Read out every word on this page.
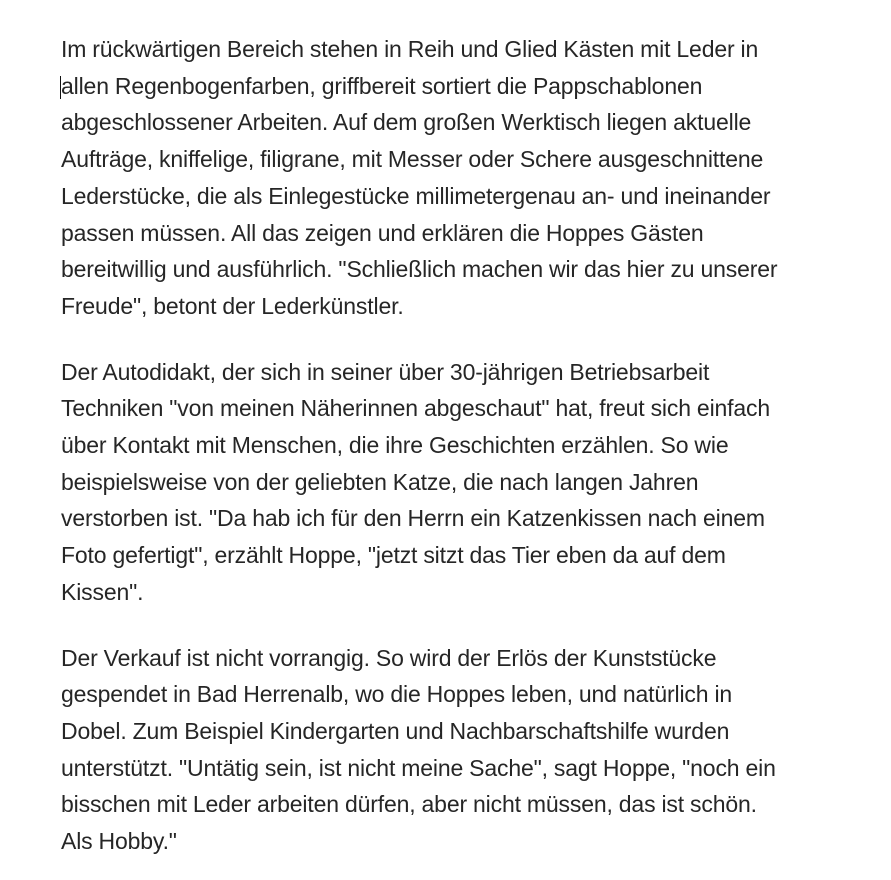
Im rückwärtigen Bereich stehen in Reih und Glied Kästen mit Leder in
allen Regenbogenfarben, griffbereit sortiert die Pappschablonen
abgeschlossener Arbeiten. Auf dem großen Werktisch liegen aktuelle
Aufträge, kniffelige, filigrane, mit Messer oder Schere ausgeschnittene
Lederstücke, die als Einlegestücke millimetergenau an- und ineinander
passen müssen. All das zeigen und erklären die Hoppes Gästen
bereitwillig und ausführlich. "Schließlich machen wir das hier zu unserer
Freude", betont der Lederkünstler.

Der Autodidakt, der sich in seiner über 30-jährigen Betriebsarbeit
Techniken "von meinen Näherinnen abgeschaut" hat, freut sich einfach
über Kontakt mit Menschen, die ihre Geschichten erzählen. So wie
beispielsweise von der geliebten Katze, die nach langen Jahren
verstorben ist. "Da hab ich für den Herrn ein Katzenkissen nach einem
Foto gefertigt", erzählt Hoppe, "jetzt sitzt das Tier eben da auf dem
Kissen".

Der Verkauf ist nicht vorrangig. So wird der Erlös der Kunststücke
gespendet in Bad Herrenalb, wo die Hoppes leben, und natürlich in
Dobel. Zum Beispiel Kindergarten und Nachbarschaftshilfe wurden
unterstützt. "Untätig sein, ist nicht meine Sache", sagt Hoppe, "noch ein
bisschen mit Leder arbeiten dürfen, aber nicht müssen, das ist schön.
Als Hobby."
